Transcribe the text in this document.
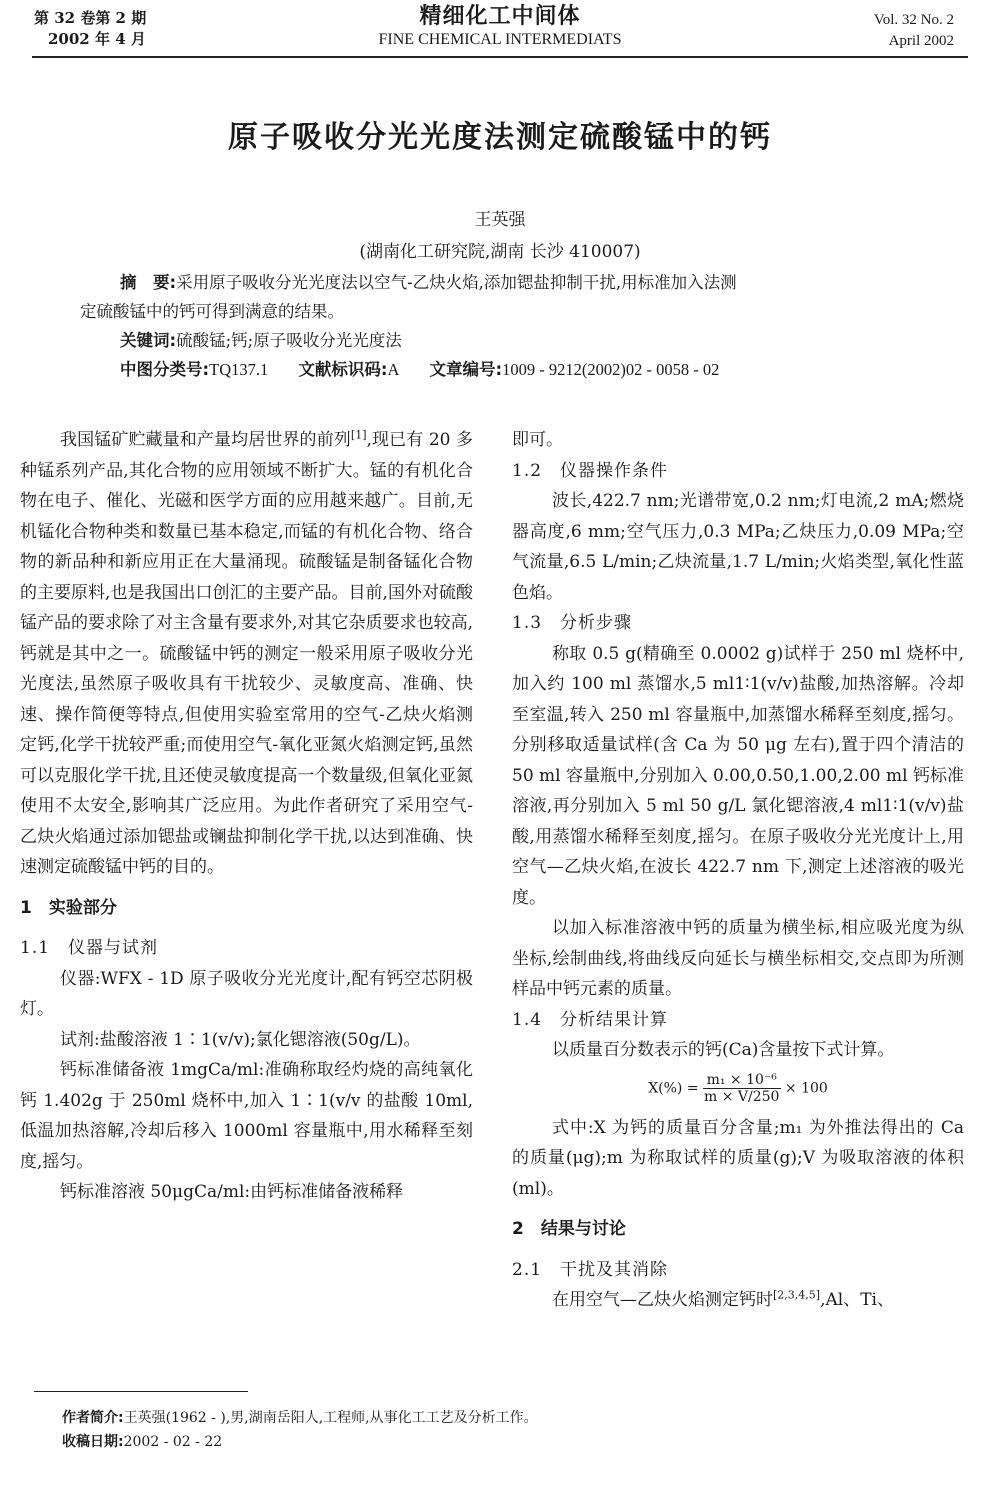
第 32 卷第 2 期
2002 年 4 月
精细化工中间体
FINE CHEMICAL INTERMEDIATS
Vol. 32 No. 2
April 2002
原子吸收分光光度法测定硫酸锰中的钙
王英强
(湖南化工研究院,湖南 长沙 410007)

摘　要:采用原子吸收分光光度法以空气-乙炔火焰,添加锶盐抑制干扰,用标准加入法测

定硫酸锰中的钙可得到满意的结果。

关键词:硫酸锰;钙;原子吸收分光光度法

中图分类号:TQ137.1 文献标识码:A 文章编号:1009 - 9212(2002)02 - 0058 - 02

我国锰矿贮藏量和产量均居世界的前列[1],现已有 20 多种锰系列产品,其化合物的应用领域不断扩大。锰的有机化合物在电子、催化、光磁和医学方面的应用越来越广。目前,无机锰化合物种类和数量已基本稳定,而锰的有机化合物、络合物的新品种和新应用正在大量涌现。硫酸锰是制备锰化合物的主要原料,也是我国出口创汇的主要产品。目前,国外对硫酸锰产品的要求除了对主含量有要求外,对其它杂质要求也较高,钙就是其中之一。硫酸锰中钙的测定一般采用原子吸收分光光度法,虽然原子吸收具有干扰较少、灵敏度高、准确、快速、操作简便等特点,但使用实验室常用的空气-乙炔火焰测定钙,化学干扰较严重;而使用空气-氧化亚氮火焰测定钙,虽然可以克服化学干扰,且还使灵敏度提高一个数量级,但氧化亚氮使用不太安全,影响其广泛应用。为此作者研究了采用空气-乙炔火焰通过添加锶盐或镧盐抑制化学干扰,以达到准确、快速测定硫酸锰中钙的目的。

1　实验部分

1.1　仪器与试剂

仪器:WFX - 1D 原子吸收分光光度计,配有钙空芯阴极灯。

试剂:盐酸溶液 1∶1(v/v);氯化锶溶液(50g/L)。

钙标准储备液 1mgCa/ml:准确称取经灼烧的高纯氧化钙 1.402g 于 250ml 烧杯中,加入 1∶1(v/v 的盐酸 10ml,低温加热溶解,冷却后移入 1000ml 容量瓶中,用水稀释至刻度,摇匀。

钙标准溶液 50μgCa/ml:由钙标准储备液稀释

即可。

1.2　仪器操作条件

波长,422.7 nm;光谱带宽,0.2 nm;灯电流,2 mA;燃烧器高度,6 mm;空气压力,0.3 MPa;乙炔压力,0.09 MPa;空气流量,6.5 L/min;乙炔流量,1.7 L/min;火焰类型,氧化性蓝色焰。

1.3　分析步骤

称取 0.5 g(精确至 0.0002 g)试样于 250 ml 烧杯中,加入约 100 ml 蒸馏水,5 ml1∶1(v/v)盐酸,加热溶解。冷却至室温,转入 250 ml 容量瓶中,加蒸馏水稀释至刻度,摇匀。分别移取适量试样(含 Ca 为 50 μg 左右),置于四个清洁的 50 ml 容量瓶中,分别加入 0.00,0.50,1.00,2.00 ml 钙标准溶液,再分别加入 5 ml 50 g/L 氯化锶溶液,4 ml1∶1(v/v)盐酸,用蒸馏水稀释至刻度,摇匀。在原子吸收分光光度计上,用空气—乙炔火焰,在波长 422.7 nm 下,测定上述溶液的吸光度。

以加入标准溶液中钙的质量为横坐标,相应吸光度为纵坐标,绘制曲线,将曲线反向延长与横坐标相交,交点即为所测样品中钙元素的质量。

1.4　分析结果计算

以质量百分数表示的钙(Ca)含量按下式计算。

$X(\%) = \frac{\text{m₁ × 10⁻⁶}}{m \times V/250} \times 100$

式中:X 为钙的质量百分含量;m₁ 为外推法得出的 Ca 的质量(μg);m 为称取试样的质量(g);V 为吸取溶液的体积(ml)。

2　结果与讨论

2.1　干扰及其消除

在用空气—乙炔火焰测定钙时[2,3,4,5],Al、Ti、

作者简介:王英强(1962 - ),男,湖南岳阳人,工程师,从事化工工艺及分析工作。
收稿日期:2002 - 02 - 22
